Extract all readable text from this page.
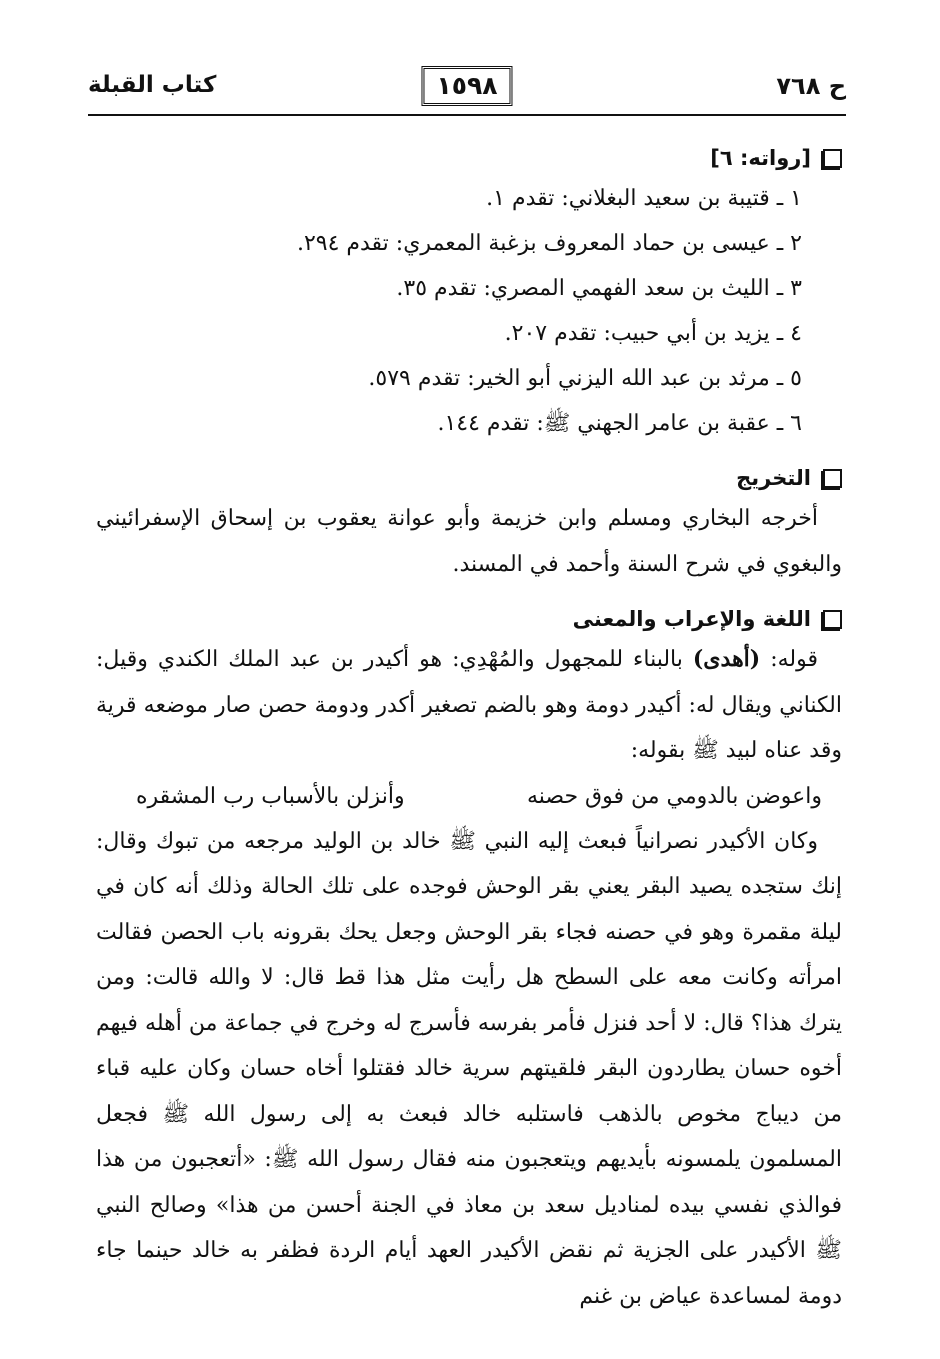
ح ٧٦٨
١٥٩٨
كتاب القبلة
[رواته: ٦]
١ ـ قتيبة بن سعيد البغلاني: تقدم ١.
٢ ـ عيسى بن حماد المعروف بزغبة المعمري: تقدم ٢٩٤.
٣ ـ الليث بن سعد الفهمي المصري: تقدم ٣٥.
٤ ـ يزيد بن أبي حبيب: تقدم ٢٠٧.
٥ ـ مرثد بن عبد الله اليزني أبو الخير: تقدم ٥٧٩.
٦ ـ عقبة بن عامر الجهني ﷺ: تقدم ١٤٤.
التخريج

أخرجه البخاري ومسلم وابن خزيمة وأبو عوانة يعقوب بن إسحاق الإسفرائيني والبغوي في شرح السنة وأحمد في المسند.

اللغة والإعراب والمعنى

قوله: (أهدى) بالبناء للمجهول والمُهْدِي: هو أكيدر بن عبد الملك الكندي وقيل: الكناني ويقال له: أكيدر دومة وهو بالضم تصغير أكدر ودومة حصن صار موضعه قرية وقد عناه لبيد ﷺ بقوله:

واعوضن بالدومي من فوق حصنه
وأنزلن بالأسباب رب المشقره

وكان الأكيدر نصرانياً فبعث إليه النبي ﷺ خالد بن الوليد مرجعه من تبوك وقال: إنك ستجده يصيد البقر يعني بقر الوحش فوجده على تلك الحالة وذلك أنه كان في ليلة مقمرة وهو في حصنه فجاء بقر الوحش وجعل يحك بقرونه باب الحصن فقالت امرأته وكانت معه على السطح هل رأيت مثل هذا قط قال: لا والله قالت: ومن يترك هذا؟ قال: لا أحد فنزل فأمر بفرسه فأسرج له وخرج في جماعة من أهله فيهم أخوه حسان يطاردون البقر فلقيتهم سرية خالد فقتلوا أخاه حسان وكان عليه قباء من ديباج مخوص بالذهب فاستلبه خالد فبعث به إلى رسول الله ﷺ فجعل المسلمون يلمسونه بأيديهم ويتعجبون منه فقال رسول الله ﷺ: «أتعجبون من هذا فوالذي نفسي بيده لمناديل سعد بن معاذ في الجنة أحسن من هذا» وصالح النبي ﷺ الأكيدر على الجزية ثم نقض الأكيدر العهد أيام الردة فظفر به خالد حينما جاء دومة لمساعدة عياض بن غنم
